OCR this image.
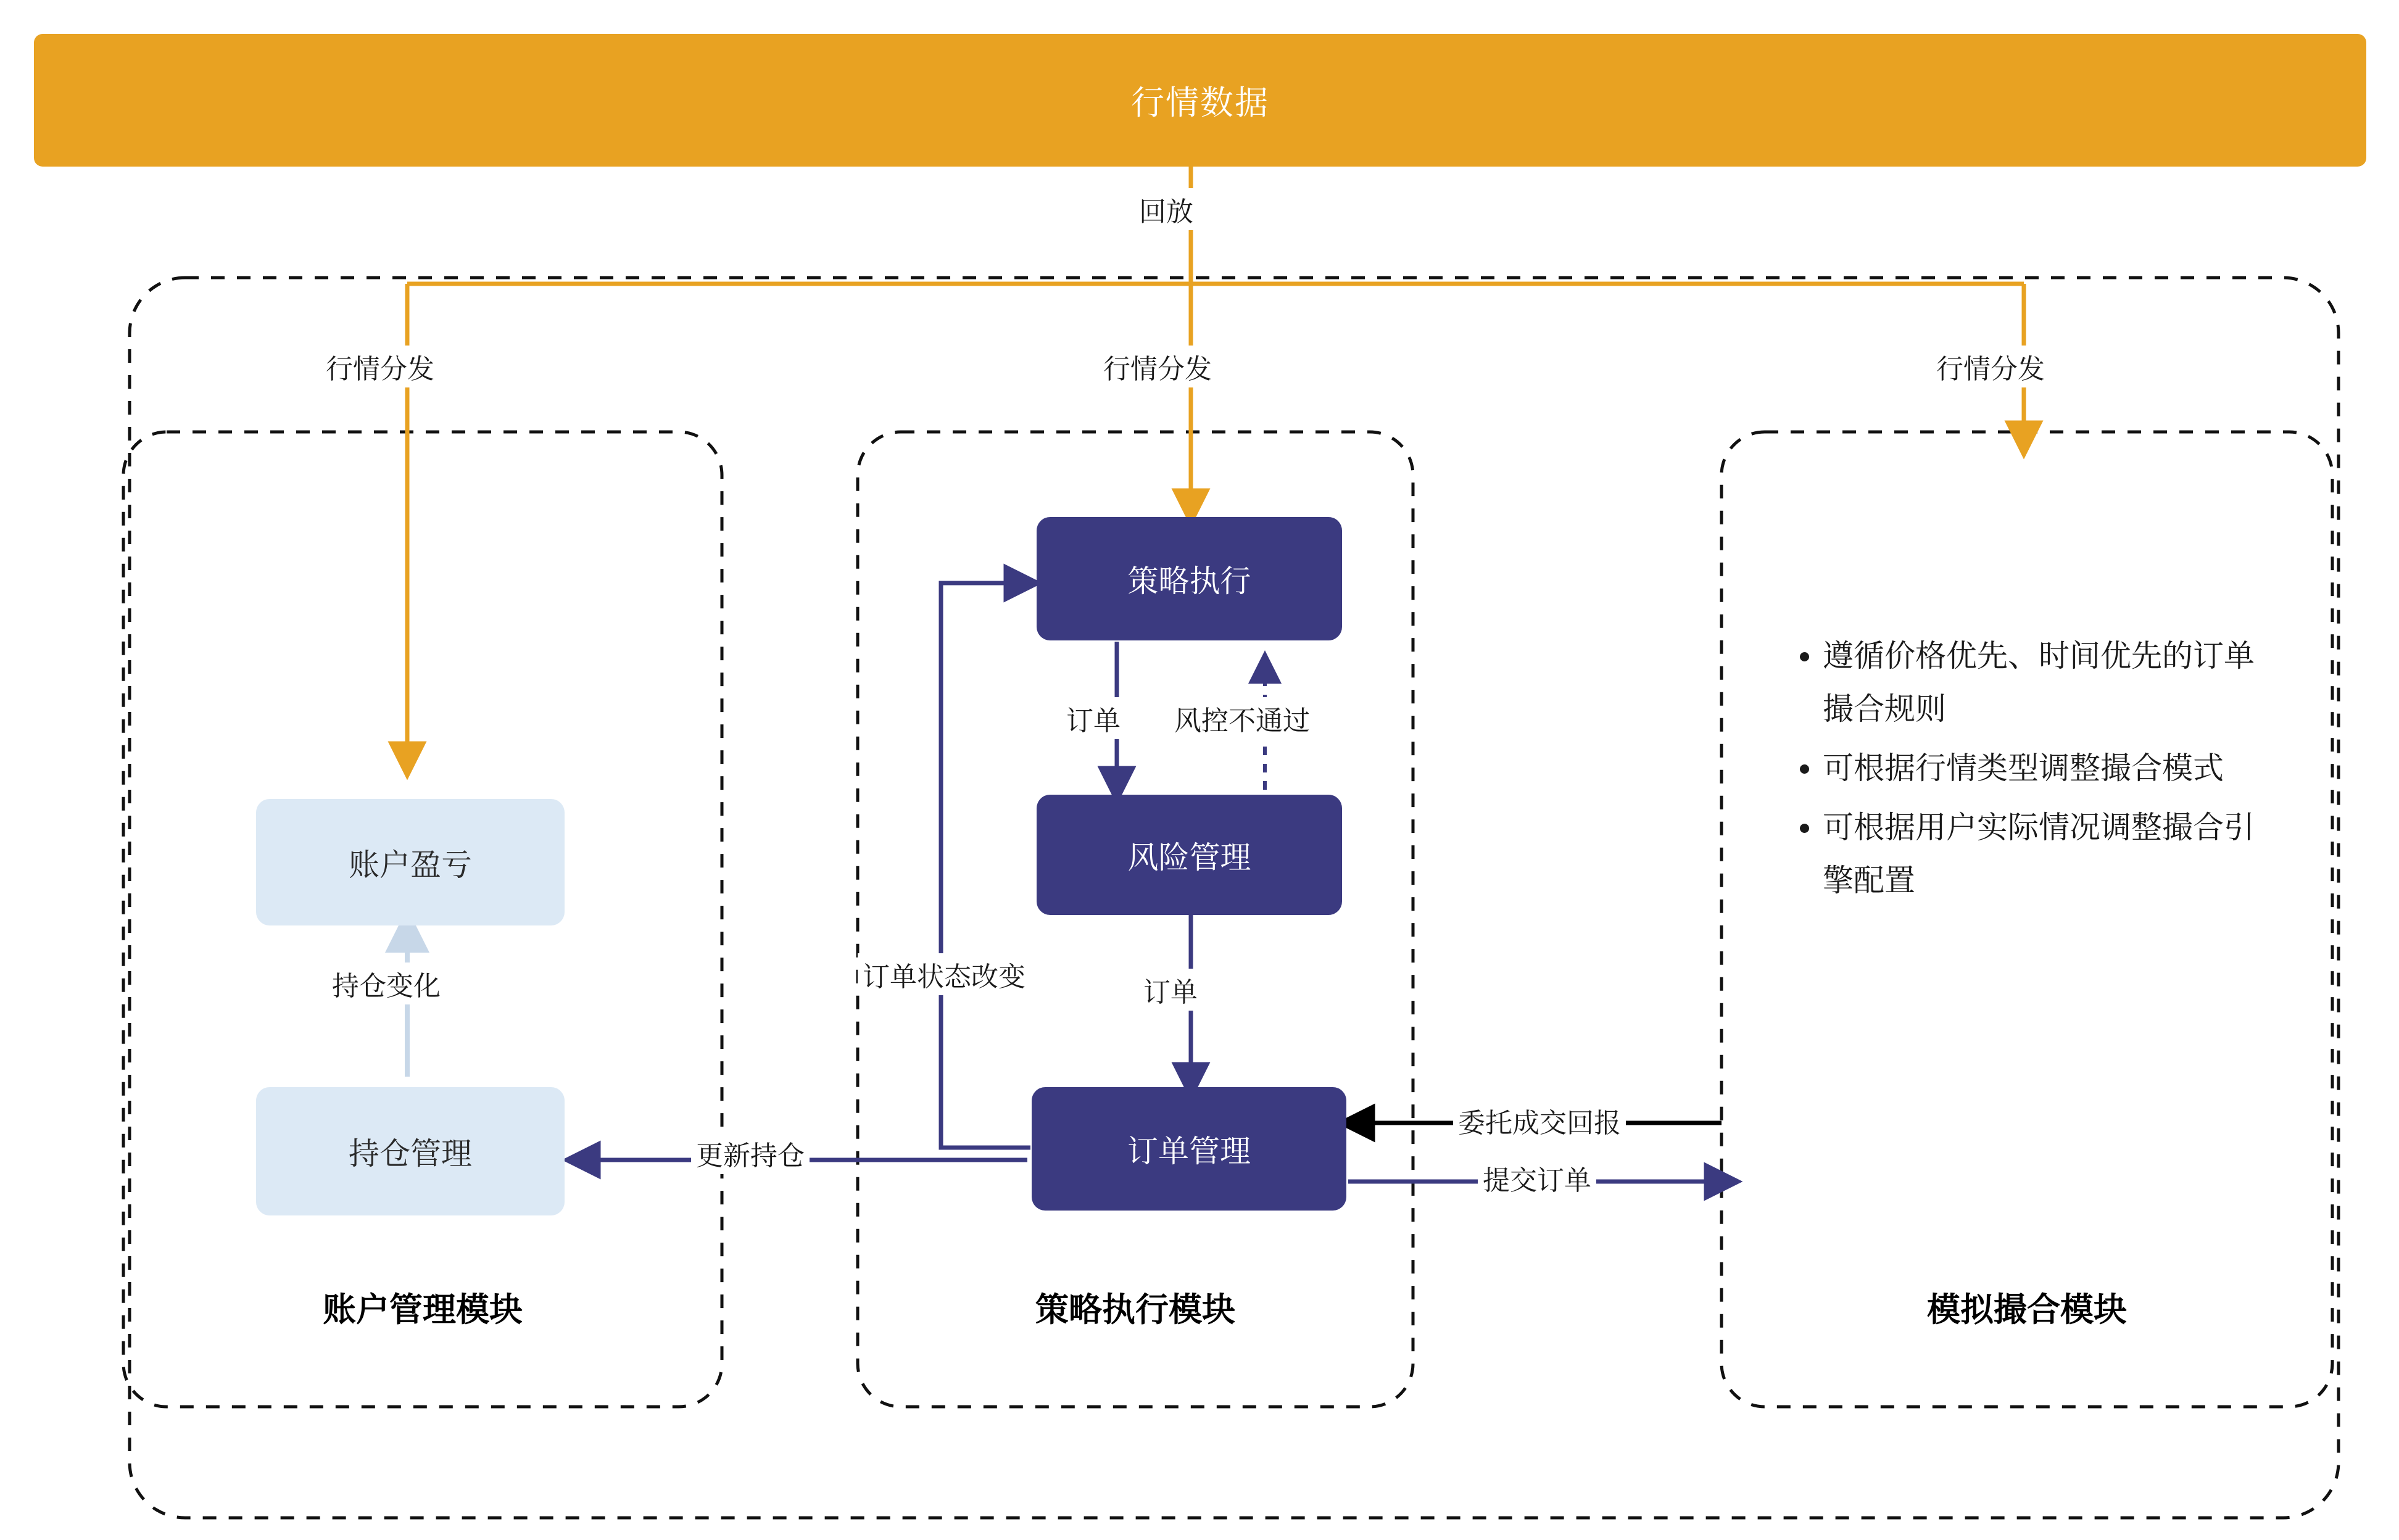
行情数据
策略执行
风险管理
订单管理
账户盈亏
持仓管理
• 遵循价格优先、时间优先的订单撮合规则
• 可根据行情类型调整撮合模式
• 可根据用户实际情况调整撮合引擎配置
账户管理模块	策略执行模块	模拟撮合模块
回放
行情分发	行情分发	行情分发
订单 风控不通过
订单
订单状态改变
持仓变化
更新持仓
委托成交回报
提交订单
